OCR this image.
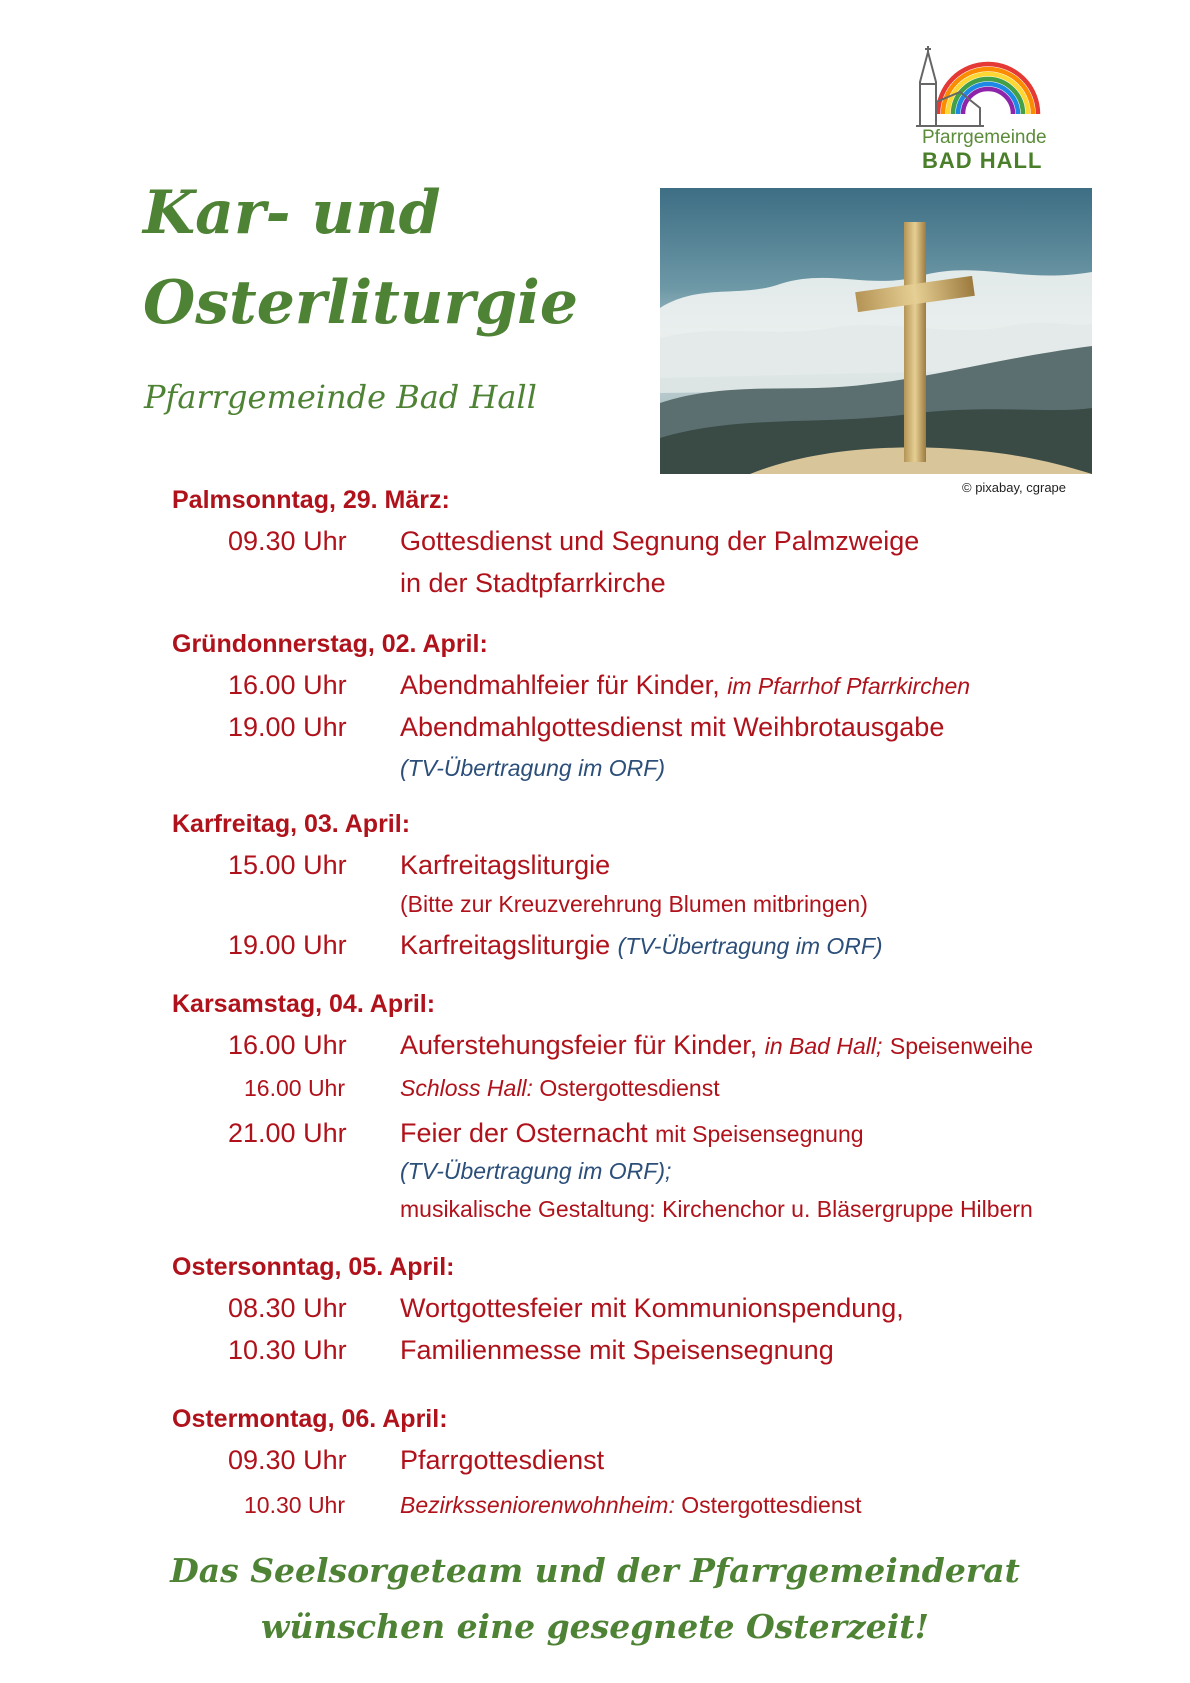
Pfarrgemeinde
BAD HALL
Kar- und
Osterliturgie
Pfarrgemeinde Bad Hall
© pixabay, cgrape
Palmsonntag, 29. März:
09.30 Uhr Gottesdienst und Segnung der Palmzweige
in der Stadtpfarrkirche
Gründonnerstag, 02. April:
16.00 Uhr Abendmahlfeier für Kinder, im Pfarrhof Pfarrkirchen
19.00 Uhr Abendmahlgottesdienst mit Weihbrotausgabe
(TV-Übertragung im ORF)
Karfreitag, 03. April:
15.00 Uhr Karfreitagsliturgie
(Bitte zur Kreuzverehrung Blumen mitbringen)
19.00 Uhr Karfreitagsliturgie (TV-Übertragung im ORF)
Karsamstag, 04. April:
16.00 Uhr Auferstehungsfeier für Kinder, in Bad Hall; Speisenweihe
16.00 Uhr Schloss Hall: Ostergottesdienst
21.00 Uhr Feier der Osternacht mit Speisensegnung
(TV-Übertragung im ORF);
musikalische Gestaltung: Kirchenchor u. Bläsergruppe Hilbern
Ostersonntag, 05. April:
08.30 Uhr Wortgottesfeier mit Kommunionspendung,
10.30 Uhr Familienmesse mit Speisensegnung
Ostermontag, 06. April:
09.30 Uhr Pfarrgottesdienst
10.30 Uhr Bezirksseniorenwohnheim: Ostergottesdienst
Das Seelsorgeteam und der Pfarrgemeinderat
wünschen eine gesegnete Osterzeit!
